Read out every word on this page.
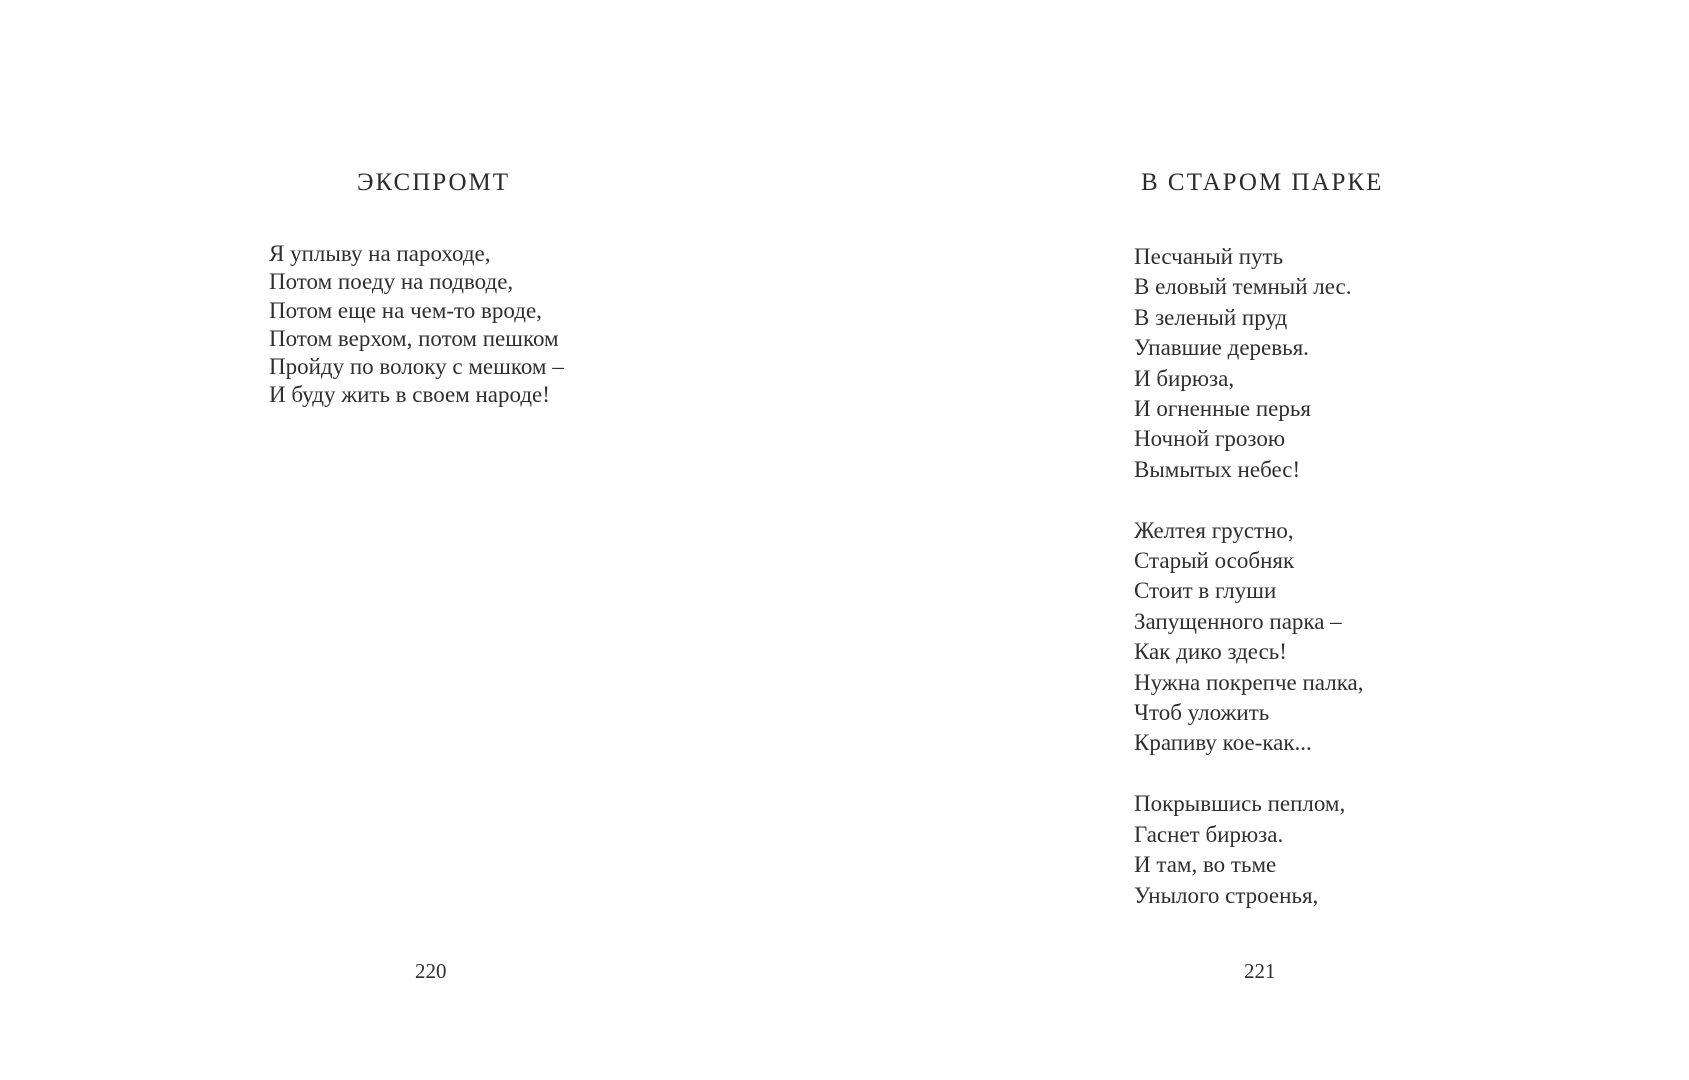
ЭКСПРОМТ
Я уплыву на пароходе,
Потом поеду на подводе,
Потом еще на чем-то вроде,
Потом верхом, потом пешком
Пройду по волоку с мешком –
И буду жить в своем народе!

220

В СТАРОМ ПАРКЕ
Песчаный путь
В еловый темный лес.
В зеленый пруд
Упавшие деревья.
И бирюза,
И огненные перья
Ночной грозою
Вымытых небес!
Желтея грустно,
Старый особняк
Стоит в глуши
Запущенного парка –
Как дико здесь!
Нужна покрепче палка,
Чтоб уложить
Крапиву кое-как...
Покрывшись пеплом,
Гаснет бирюза.
И там, во тьме
Унылого строенья,

221
